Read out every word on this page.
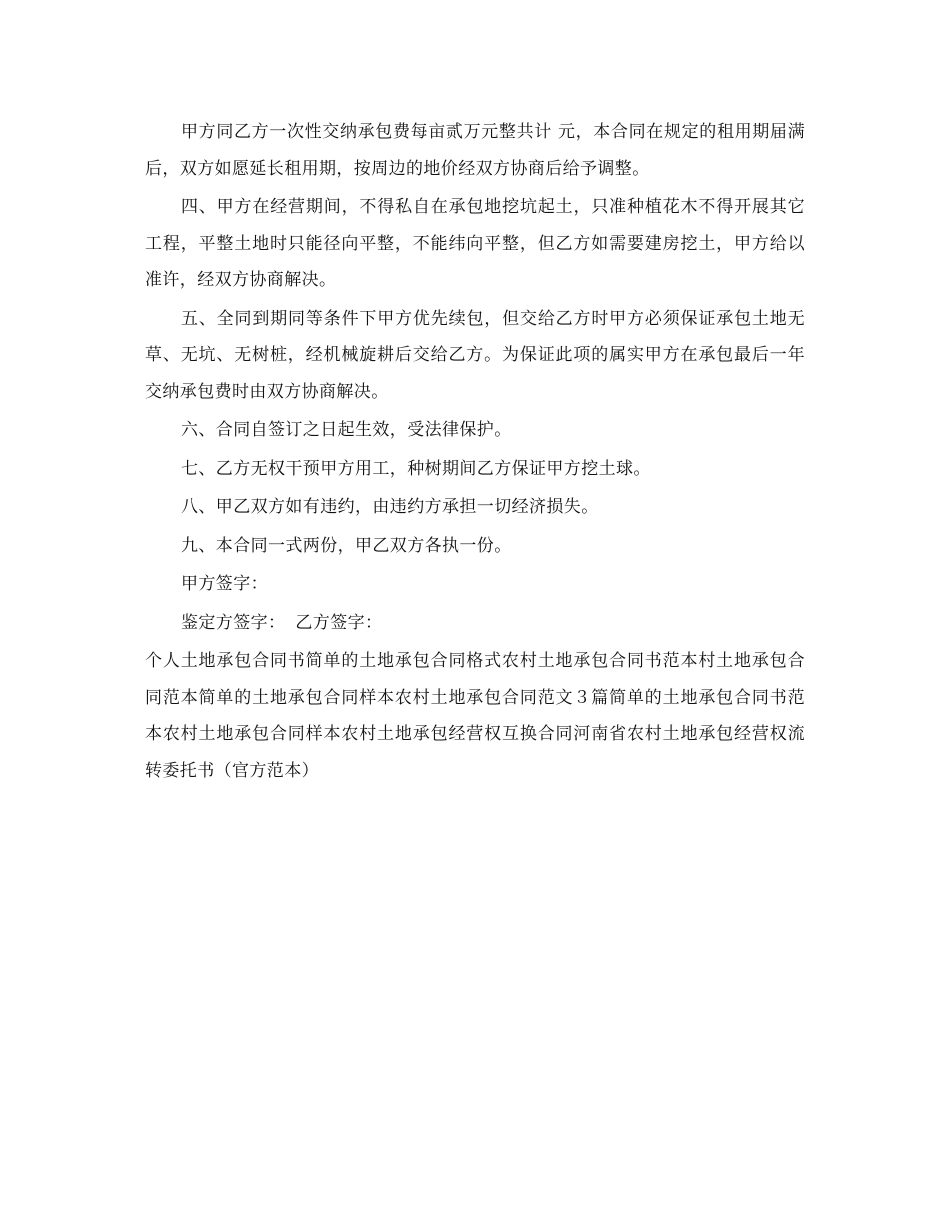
甲方同乙方一次性交纳承包费每亩贰万元整共计 元，本合同在规定的租用期届满后，双方如愿延长租用期，按周边的地价经双方协商后给予调整。

四、甲方在经营期间，不得私自在承包地挖坑起土，只准种植花木不得开展其它工程，平整土地时只能径向平整，不能纬向平整，但乙方如需要建房挖土，甲方给以准许，经双方协商解决。

五、全同到期同等条件下甲方优先续包，但交给乙方时甲方必须保证承包土地无草、无坑、无树桩，经机械旋耕后交给乙方。为保证此项的属实甲方在承包最后一年交纳承包费时由双方协商解决。

六、合同自签订之日起生效，受法律保护。

七、乙方无权干预甲方用工，种树期间乙方保证甲方挖土球。

八、甲乙双方如有违约，由违约方承担一切经济损失。

九、本合同一式两份，甲乙双方各执一份。

甲方签字：

鉴定方签字： 乙方签字：

个人土地承包合同书简单的土地承包合同格式农村土地承包合同书范本村土地承包合同范本简单的土地承包合同样本农村土地承包合同范文３篇简单的土地承包合同书范本农村土地承包合同样本农村土地承包经营权互换合同河南省农村土地承包经营权流转委托书（官方范本）
